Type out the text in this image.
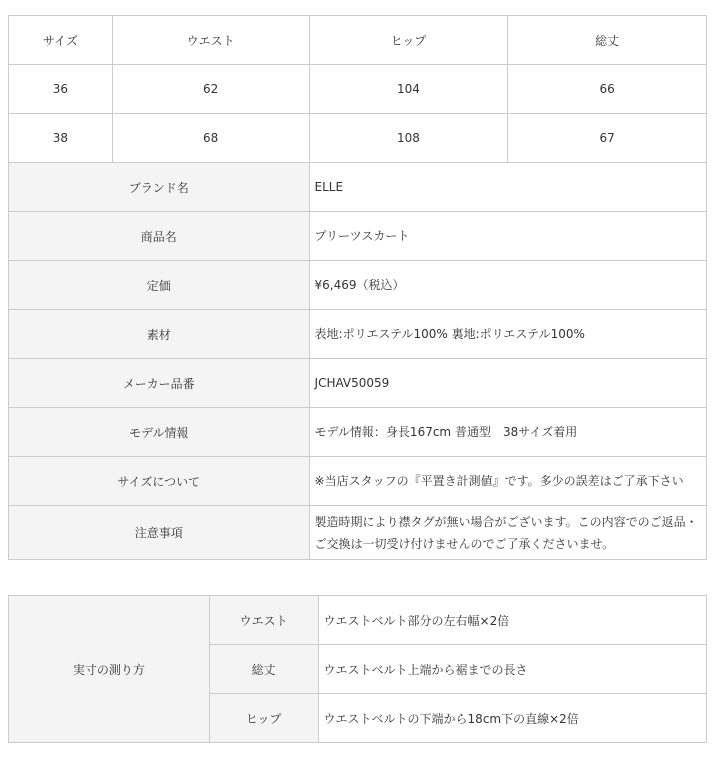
サイズ	ウエスト	ヒップ	総丈
36	62	104	66
38	68	108	67
ブランド名		ELLE	
商品名		プリーツスカート	
定価		¥6,469（税込）	
素材		表地:ポリエステル100% 裏地:ポリエステル100%	
メーカー品番		JCHAV50059	
モデル情報		モデル情報：身長167cm 普通型　38サイズ着用	
サイズについて		※当店スタッフの『平置き計測値』です。多少の誤差はご了承下さい	
注意事項		製造時期により襟タグが無い場合がございます。この内容でのご返品・ご交換は一切受け付けませんのでご了承くださいませ。	
実寸の測り方	ウエスト	ウエストベルト部分の左右幅×2倍
	総丈	ウエストベルト上端から裾までの長さ
	ヒップ	ウエストベルトの下端から18cm下の直線×2倍
